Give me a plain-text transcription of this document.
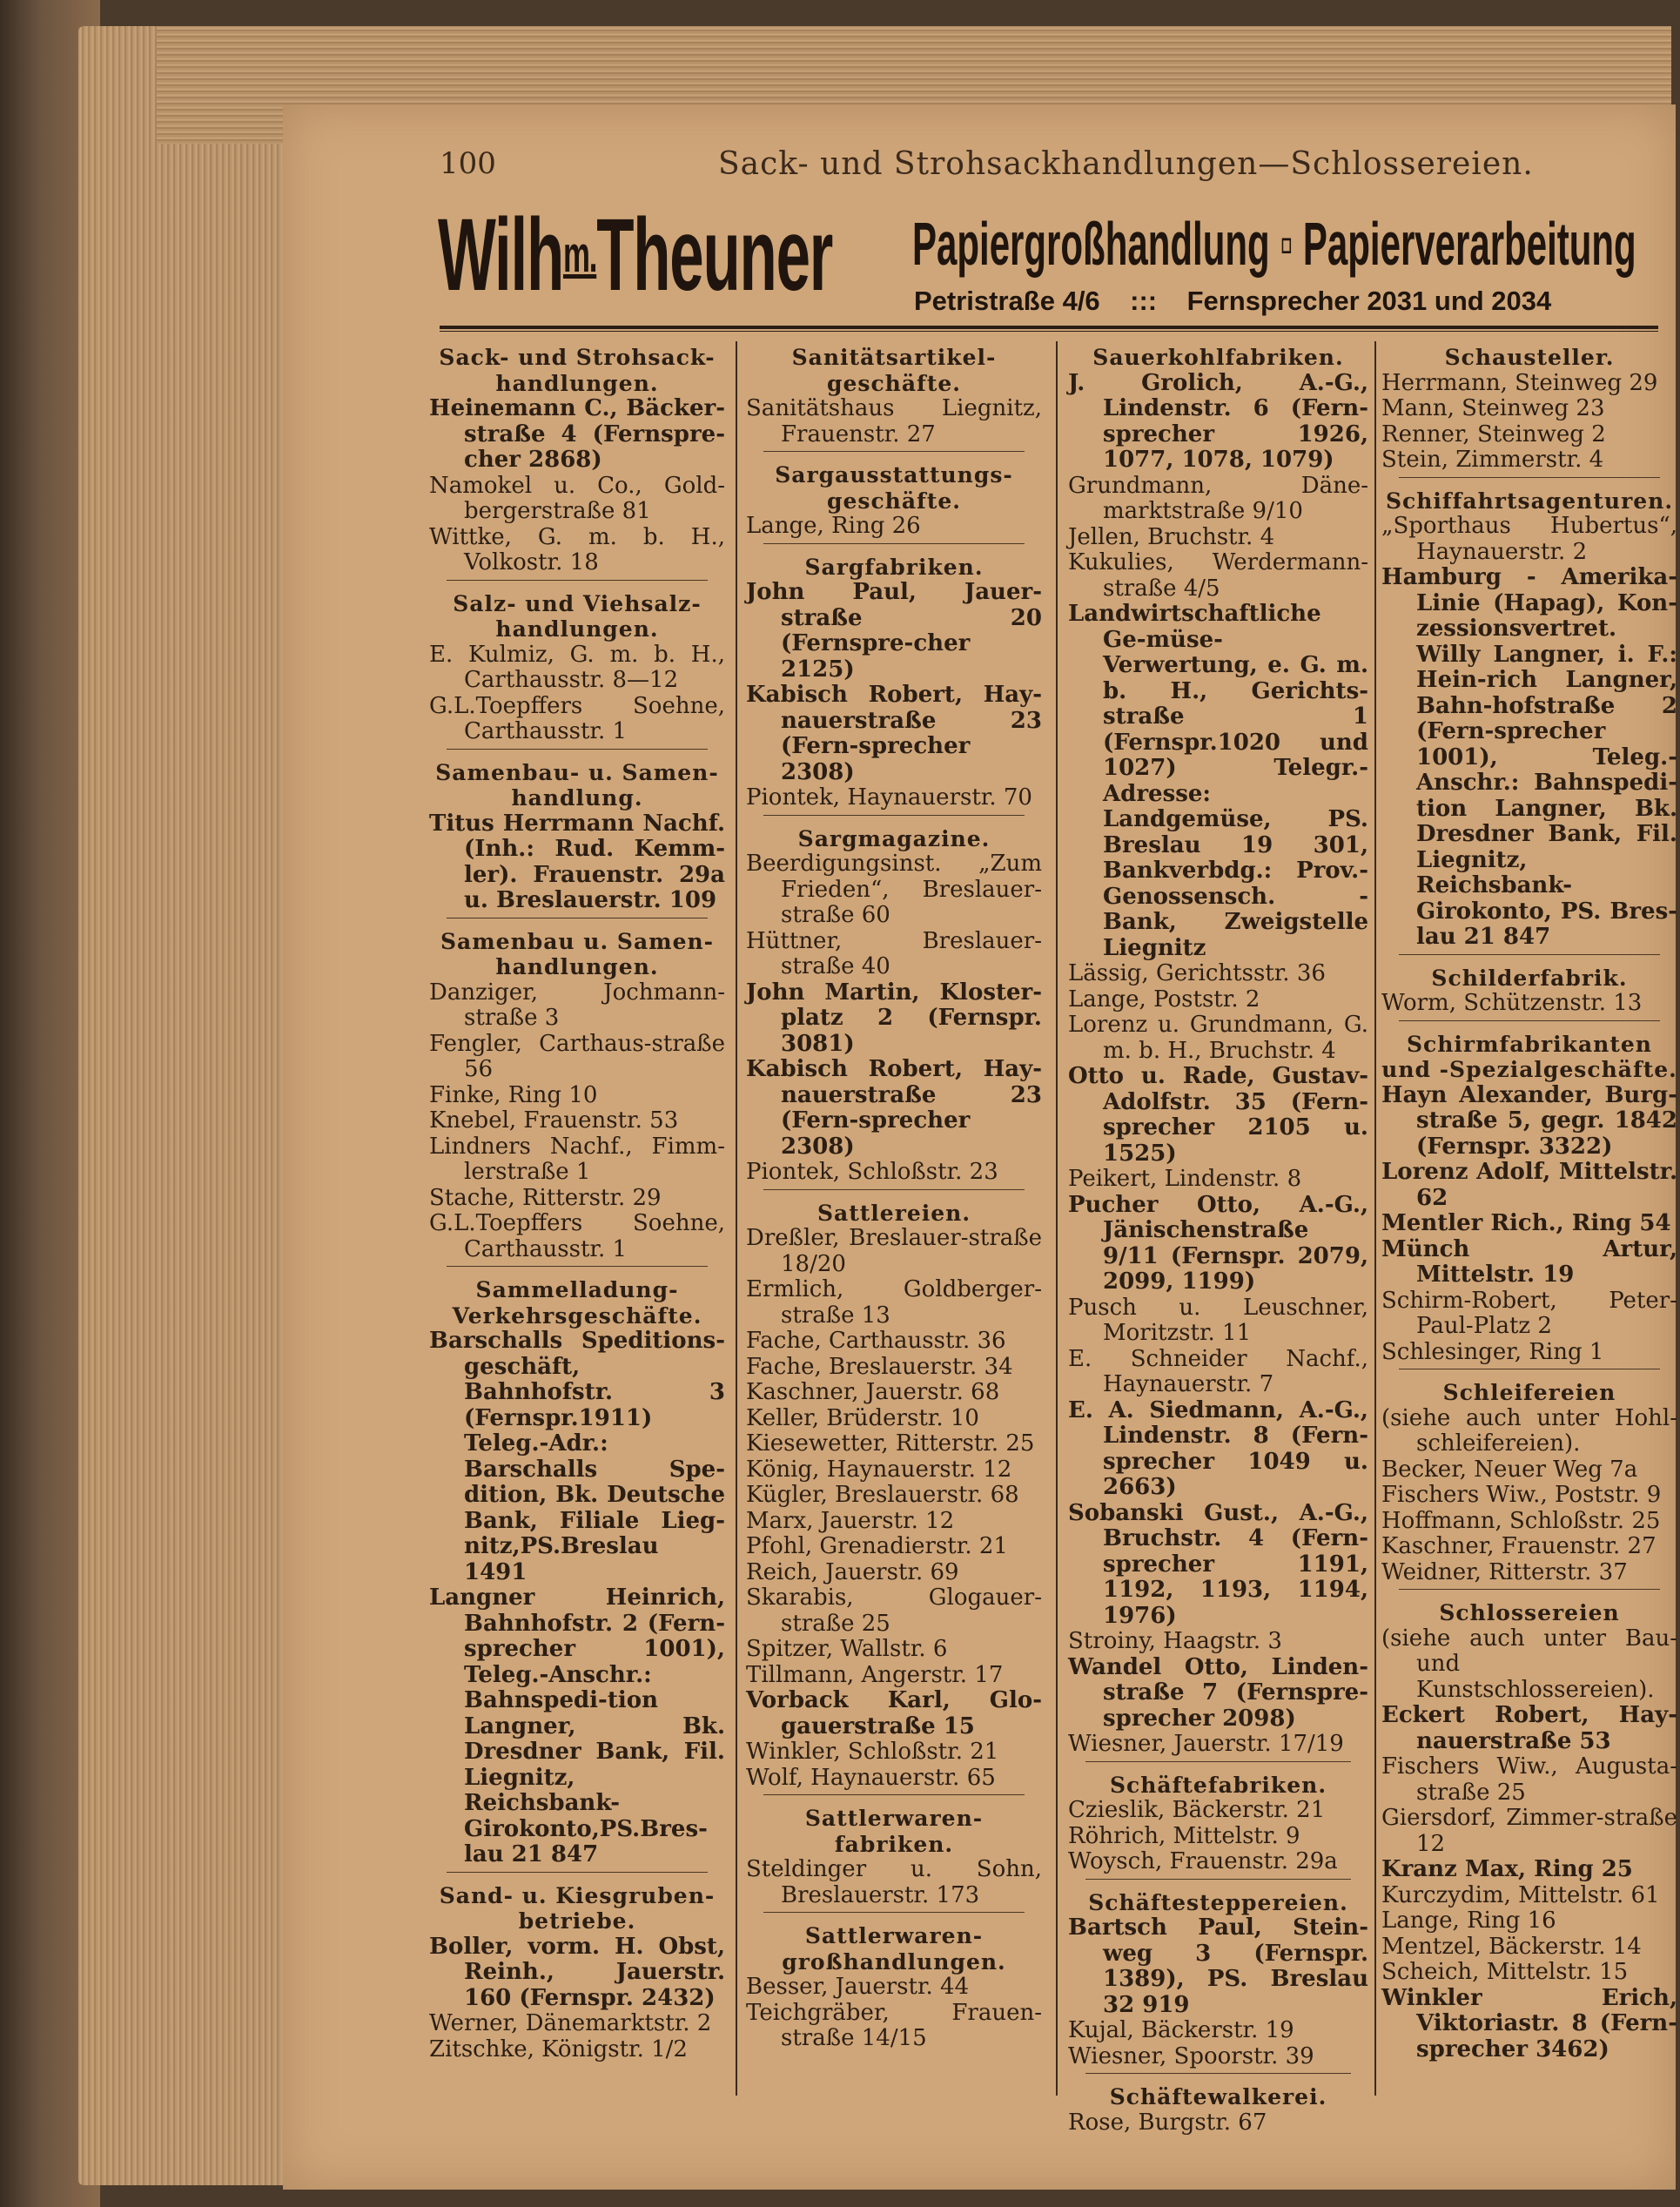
100	Sack- und Strohsackhandlungen—Schlossereien.
Wilh$^{m.}$Theuner Papiergroßhandlung ▫ Papierverarbeitung
Petristraße 4/6 ::: Fernsprecher 2031 und 2034
Sack- und Strohsack-handlungen.
Heinemann C., Bäcker-straße 4 (Fernspre-cher 2868)
Namokel u. Co., Gold-bergerstraße 81
Wittke, G. m. b. H., Volkostr. 18
Salz- und Viehsalz-handlungen.
E. Kulmiz, G. m. b. H., Carthausstr. 8—12
G.L.Toepffers Soehne, Carthausstr. 1
Samenbau- u. Samen-handlung.
Titus Herrmann Nachf. (Inh.: Rud. Kemm-ler). Frauenstr. 29a u. Breslauerstr. 109
Samenbau u. Samen-handlungen.
Danziger, Jochmann-straße 3
Fengler, Carthaus-straße 56
Finke, Ring 10
Knebel, Frauenstr. 53
Lindners Nachf., Fimm-lerstraße 1
Stache, Ritterstr. 29
G.L.Toepffers Soehne, Carthausstr. 1
Sammelladung-Verkehrsgeschäfte.
Barschalls Speditions-geschäft, Bahnhofstr. 3 (Fernspr.1911) Teleg.-Adr.: Barschalls Spe-dition, Bk. Deutsche Bank, Filiale Lieg-nitz,PS.Breslau 1491
Langner Heinrich, Bahnhofstr. 2 (Fern-sprecher 1001), Teleg.-Anschr.: Bahnspedi-tion Langner, Bk. Dresdner Bank, Fil. Liegnitz, Reichsbank-Girokonto,PS.Bres-lau 21 847
Sand- u. Kiesgruben-betriebe.
Boller, vorm. H. Obst, Reinh., Jauerstr. 160 (Fernspr. 2432)
Werner, Dänemarktstr. 2
Zitschke, Königstr. 1/2
Sanitätsartikel-geschäfte.
Sanitätshaus Liegnitz, Frauenstr. 27
Sargausstattungs-geschäfte.
Lange, Ring 26
Sargfabriken.
John Paul, Jauer-straße 20 (Fernspre-cher 2125)
Kabisch Robert, Hay-nauerstraße 23 (Fern-sprecher 2308)
Piontek, Haynauerstr. 70
Sargmagazine.
Beerdigungsinst. „Zum Frieden“, Breslauer-straße 60
Hüttner, Breslauer-straße 40
John Martin, Kloster-platz 2 (Fernspr. 3081)
Kabisch Robert, Hay-nauerstraße 23 (Fern-sprecher 2308)
Piontek, Schloßstr. 23
Sattlereien.
Dreßler, Breslauer-straße 18/20
Ermlich, Goldberger-straße 13
Fache, Carthausstr. 36
Fache, Breslauerstr. 34
Kaschner, Jauerstr. 68
Keller, Brüderstr. 10
Kiesewetter, Ritterstr. 25
König, Haynauerstr. 12
Kügler, Breslauerstr. 68
Marx, Jauerstr. 12
Pfohl, Grenadierstr. 21
Reich, Jauerstr. 69
Skarabis, Glogauer-straße 25
Spitzer, Wallstr. 6
Tillmann, Angerstr. 17
Vorback Karl, Glo-gauerstraße 15
Winkler, Schloßstr. 21
Wolf, Haynauerstr. 65
Sattlerwaren-fabriken.
Steldinger u. Sohn, Breslauerstr. 173
Sattlerwaren-großhandlungen.
Besser, Jauerstr. 44
Teichgräber, Frauen-straße 14/15
Sauerkohlfabriken.
J. Grolich, A.-G., Lindenstr. 6 (Fern-sprecher 1926, 1077, 1078, 1079)
Grundmann, Däne-marktstraße 9/10
Jellen, Bruchstr. 4
Kukulies, Werdermann-straße 4/5
Landwirtschaftliche Ge-müse-Verwertung, e. G. m. b. H., Gerichts-straße 1 (Fernspr.1020 und 1027) Telegr.-Adresse: Landgemüse, PS. Breslau 19 301, Bankverbdg.: Prov.-Genossensch. - Bank, Zweigstelle Liegnitz
Lässig, Gerichtsstr. 36
Lange, Poststr. 2
Lorenz u. Grundmann, G. m. b. H., Bruchstr. 4
Otto u. Rade, Gustav-Adolfstr. 35 (Fern-sprecher 2105 u. 1525)
Peikert, Lindenstr. 8
Pucher Otto, A.-G., Jänischenstraße 9/11 (Fernspr. 2079, 2099, 1199)
Pusch u. Leuschner, Moritzstr. 11
E. Schneider Nachf., Haynauerstr. 7
E. A. Siedmann, A.-G., Lindenstr. 8 (Fern-sprecher 1049 u. 2663)
Sobanski Gust., A.-G., Bruchstr. 4 (Fern-sprecher 1191, 1192, 1193, 1194, 1976)
Stroiny, Haagstr. 3
Wandel Otto, Linden-straße 7 (Fernspre-sprecher 2098)
Wiesner, Jauerstr. 17/19
Schäftefabriken.
Czieslik, Bäckerstr. 21
Röhrich, Mittelstr. 9
Woysch, Frauenstr. 29a
Schäftesteppereien.
Bartsch Paul, Stein-weg 3 (Fernspr. 1389), PS. Breslau 32 919
Kujal, Bäckerstr. 19
Wiesner, Spoorstr. 39
Schäftewalkerei.
Rose, Burgstr. 67
Schausteller.
Herrmann, Steinweg 29
Mann, Steinweg 23
Renner, Steinweg 2
Stein, Zimmerstr. 4
Schiffahrtsagenturen.
„Sporthaus Hubertus“, Haynauerstr. 2
Hamburg - Amerika-Linie (Hapag), Kon-zessionsvertret. Willy Langner, i. F.: Hein-rich Langner, Bahn-hofstraße 2 (Fern-sprecher 1001), Teleg.-Anschr.: Bahnspedi-tion Langner, Bk. Dresdner Bank, Fil. Liegnitz, Reichsbank-Girokonto, PS. Bres-lau 21 847
Schilderfabrik.
Worm, Schützenstr. 13
Schirmfabrikanten und -Spezialgeschäfte.
Hayn Alexander, Burg-straße 5, gegr. 1842 (Fernspr. 3322)
Lorenz Adolf, Mittelstr. 62
Mentler Rich., Ring 54
Münch Artur, Mittelstr. 19
Schirm-Robert, Peter-Paul-Platz 2
Schlesinger, Ring 1
Schleifereien
(siehe auch unter Hohl-schleifereien).
Becker, Neuer Weg 7a
Fischers Wiw., Poststr. 9
Hoffmann, Schloßstr. 25
Kaschner, Frauenstr. 27
Weidner, Ritterstr. 37
Schlossereien
(siehe auch unter Bau- und Kunstschlossereien).
Eckert Robert, Hay-nauerstraße 53
Fischers Wiw., Augusta-straße 25
Giersdorf, Zimmer-straße 12
Kranz Max, Ring 25
Kurczydim, Mittelstr. 61
Lange, Ring 16
Mentzel, Bäckerstr. 14
Scheich, Mittelstr. 15
Winkler Erich, Viktoriastr. 8 (Fern-sprecher 3462)
